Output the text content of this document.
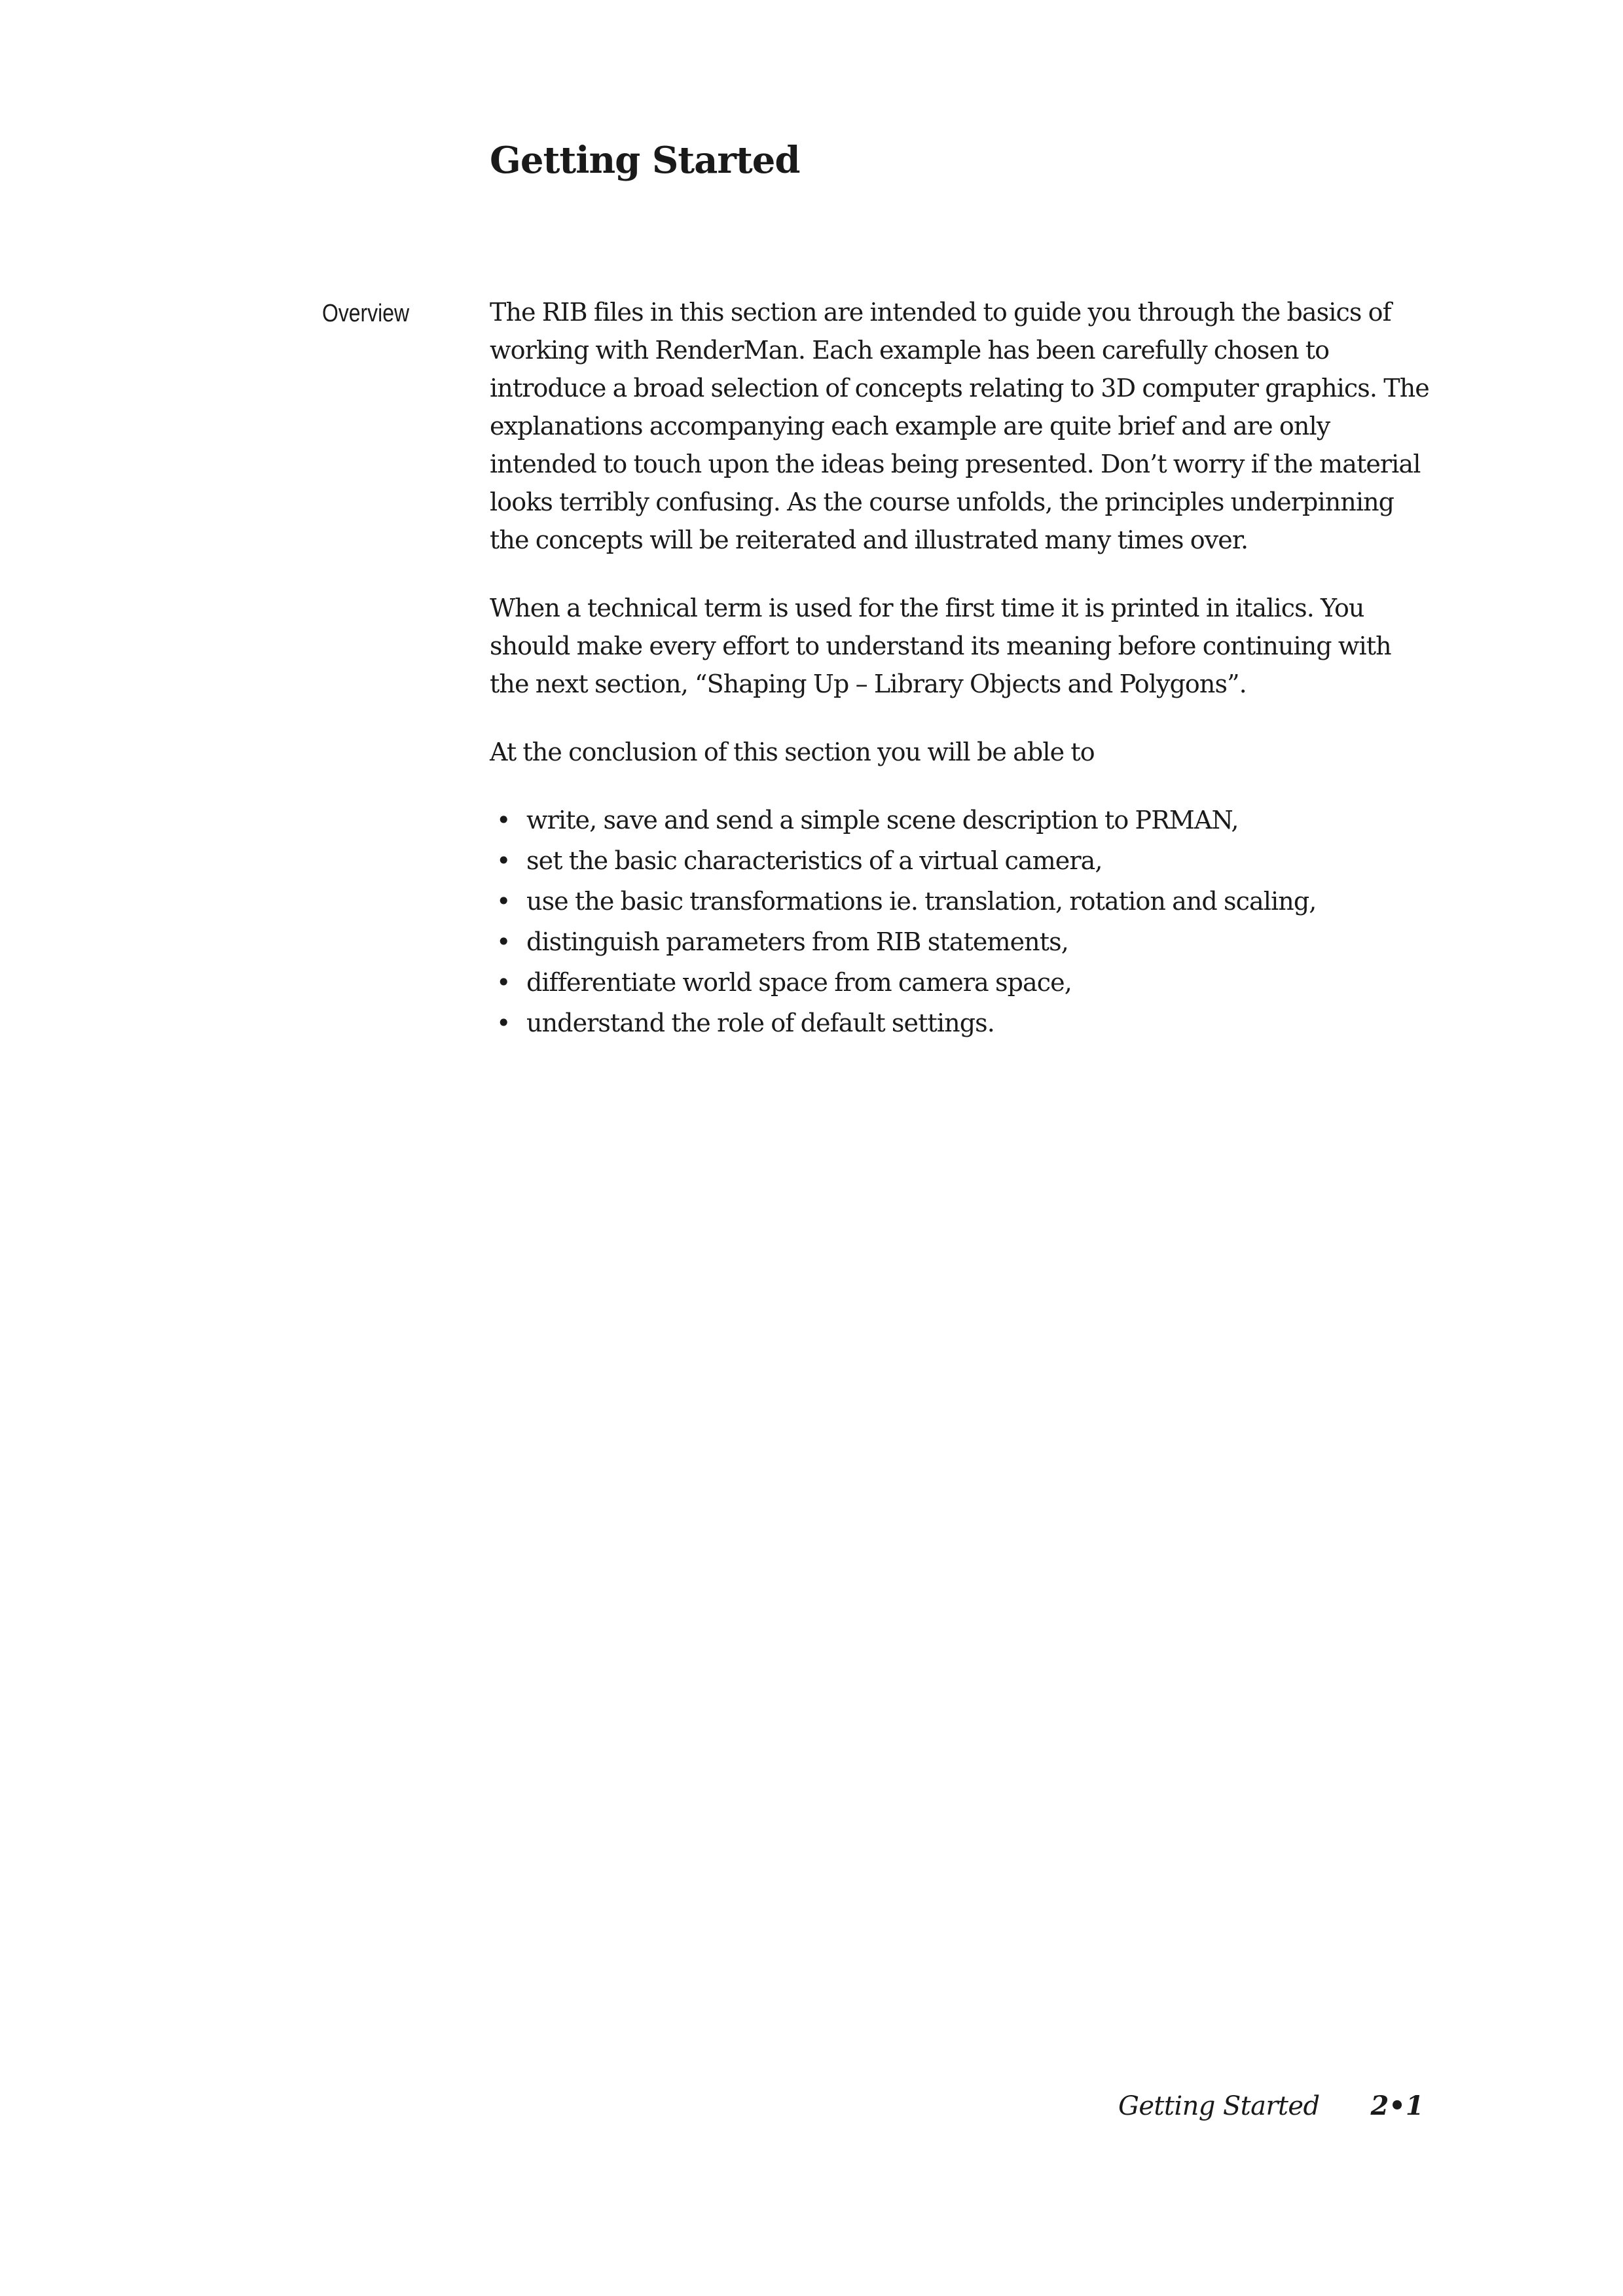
Getting Started
Overview	The RIB files in this section are intended to guide you through the basics of
working with RenderMan. Each example has been carefully chosen to
introduce a broad selection of concepts relating to 3D computer graphics. The
explanations accompanying each example are quite brief and are only
intended to touch upon the ideas being presented. Don’t worry if the material
looks terribly confusing. As the course unfolds, the principles underpinning
the concepts will be reiterated and illustrated many times over.

When a technical term is used for the first time it is printed in italics. You
should make every effort to understand its meaning before continuing with
the next section, “Shaping Up – Library Objects and Polygons”.

At the conclusion of this section you will be able to

• write, save and send a simple scene description to PRMAN,
• set the basic characteristics of a virtual camera,
• use the basic transformations ie. translation, rotation and scaling,
• distinguish parameters from RIB statements,
• differentiate world space from camera space,
• understand the role of default settings.
Getting Started 2•1
